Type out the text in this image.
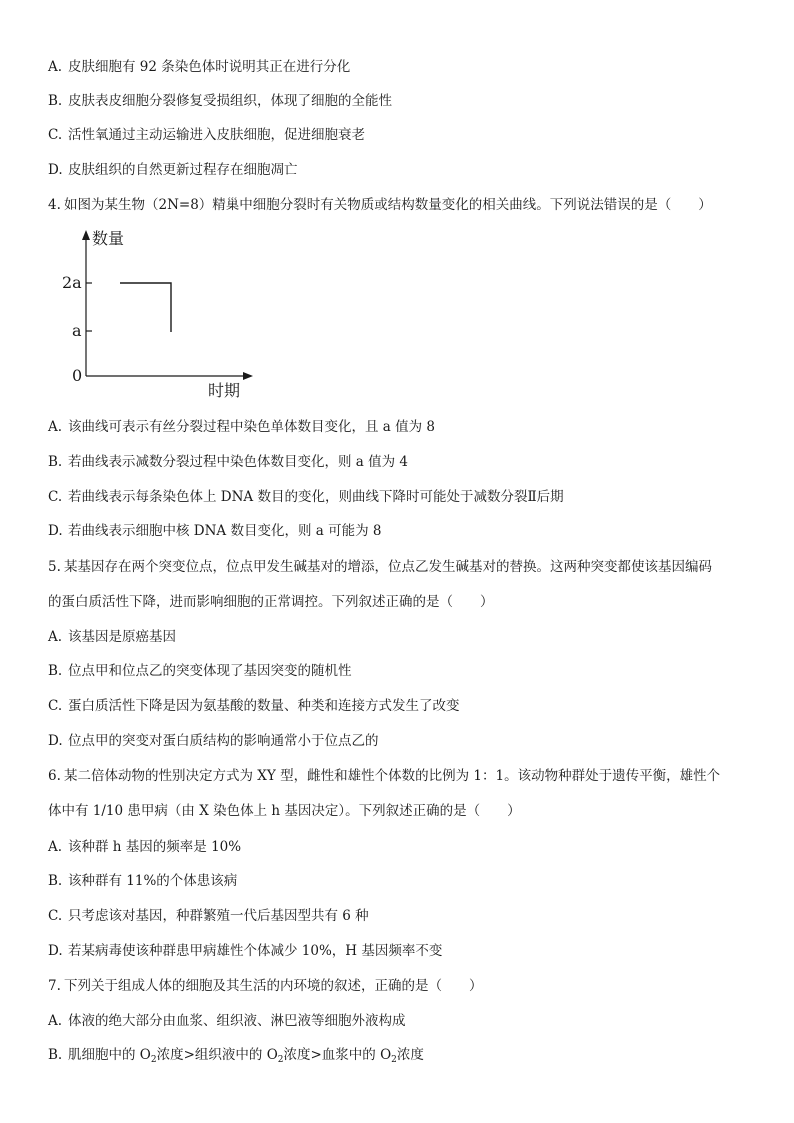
A. 皮肤细胞有 92 条染色体时说明其正在进行分化
B. 皮肤表皮细胞分裂修复受损组织，体现了细胞的全能性
C. 活性氧通过主动运输进入皮肤细胞，促进细胞衰老
D. 皮肤组织的自然更新过程存在细胞凋亡
4. 如图为某生物（2N=8）精巢中细胞分裂时有关物质或结构数量变化的相关曲线。下列说法错误的是（　　）
数量
2a
a
0
时期
A. 该曲线可表示有丝分裂过程中染色单体数目变化，且 a 值为 8
B. 若曲线表示减数分裂过程中染色体数目变化，则 a 值为 4
C. 若曲线表示每条染色体上 DNA 数目的变化，则曲线下降时可能处于减数分裂Ⅱ后期
D. 若曲线表示细胞中核 DNA 数目变化，则 a 可能为 8
5. 某基因存在两个突变位点，位点甲发生碱基对的增添，位点乙发生碱基对的替换。这两种突变都使该基因编码
的蛋白质活性下降，进而影响细胞的正常调控。下列叙述正确的是（　　）
A. 该基因是原癌基因
B. 位点甲和位点乙的突变体现了基因突变的随机性
C. 蛋白质活性下降是因为氨基酸的数量、种类和连接方式发生了改变
D. 位点甲的突变对蛋白质结构的影响通常小于位点乙的
6. 某二倍体动物的性别决定方式为 XY 型，雌性和雄性个体数的比例为 1：1。该动物种群处于遗传平衡，雄性个
体中有 1/10 患甲病（由 X 染色体上 h 基因决定）。下列叙述正确的是（　　）
A. 该种群 h 基因的频率是 10%
B. 该种群有 11%的个体患该病
C. 只考虑该对基因，种群繁殖一代后基因型共有 6 种
D. 若某病毒使该种群患甲病雄性个体减少 10%，H 基因频率不变
7. 下列关于组成人体的细胞及其生活的内环境的叙述，正确的是（　　）
A. 体液的绝大部分由血浆、组织液、淋巴液等细胞外液构成
B. 肌细胞中的 $O_2$浓度>组织液中的 $O_2$浓度>血浆中的 $O_2$浓度
